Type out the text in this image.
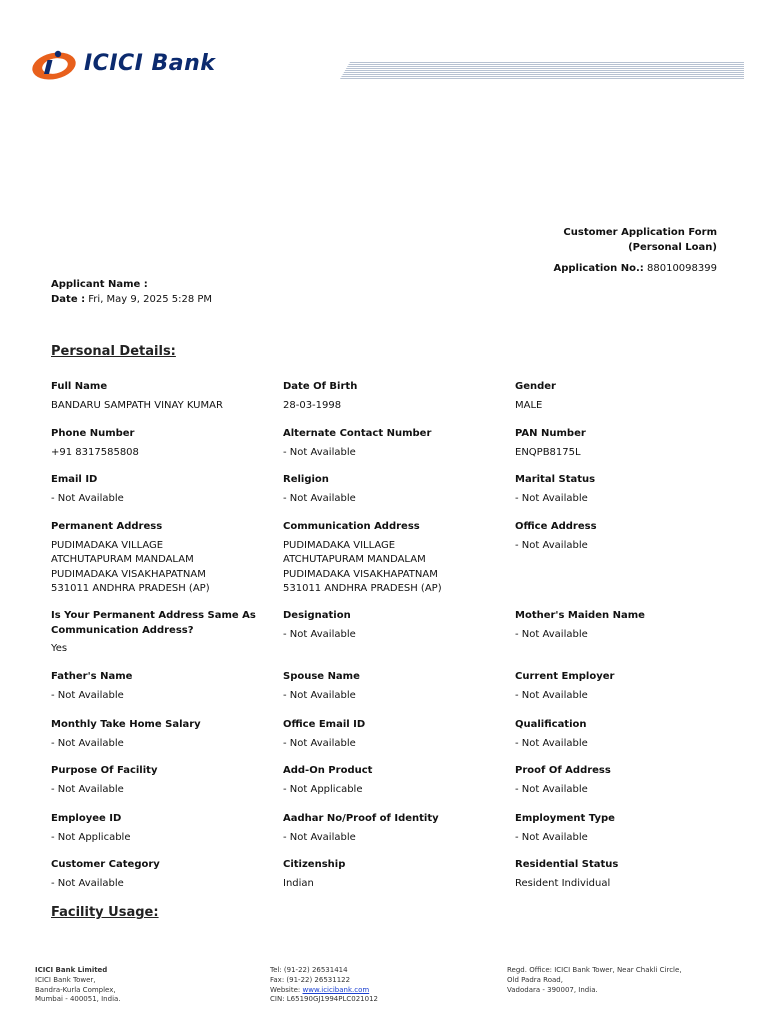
ICICI Bank
Customer Application Form
(Personal Loan)
Application No.: 88010098399
Applicant Name :
Date : Fri, May 9, 2025 5:28 PM
Personal Details:
Full Name
BANDARU SAMPATH VINAY KUMAR
Date Of Birth
28-03-1998
Gender
MALE
Phone Number
+91 8317585808
Alternate Contact Number
- Not Available
PAN Number
ENQPB8175L
Email ID
- Not Available
Religion
- Not Available
Marital Status
- Not Available
Permanent Address
PUDIMADAKA VILLAGE
ATCHUTAPURAM MANDALAM
PUDIMADAKA VISAKHAPATNAM
531011 ANDHRA PRADESH (AP)
Communication Address
PUDIMADAKA VILLAGE
ATCHUTAPURAM MANDALAM
PUDIMADAKA VISAKHAPATNAM
531011 ANDHRA PRADESH (AP)
Office Address
- Not Available
Is Your Permanent Address Same As
Communication Address?
Yes
Designation
- Not Available
Mother's Maiden Name
- Not Available
Father's Name
- Not Available
Spouse Name
- Not Available
Current Employer
- Not Available
Monthly Take Home Salary
- Not Available
Office Email ID
- Not Available
Qualification
- Not Available
Purpose Of Facility
- Not Available
Add-On Product
- Not Applicable
Proof Of Address
- Not Available
Employee ID
- Not Applicable
Aadhar No/Proof of Identity
- Not Available
Employment Type
- Not Available
Customer Category
- Not Available
Citizenship
Indian
Residential Status
Resident Individual
Facility Usage:
ICICI Bank Limited
ICICI Bank Tower,
Bandra-Kurla Complex,
Mumbai - 400051, India.
Tel: (91-22) 26531414
Fax: (91-22) 26531122
Website: www.icicibank.com
CIN: L65190GJ1994PLC021012
Regd. Office: ICICI Bank Tower, Near Chakli Circle,
Old Padra Road,
Vadodara - 390007, India.
